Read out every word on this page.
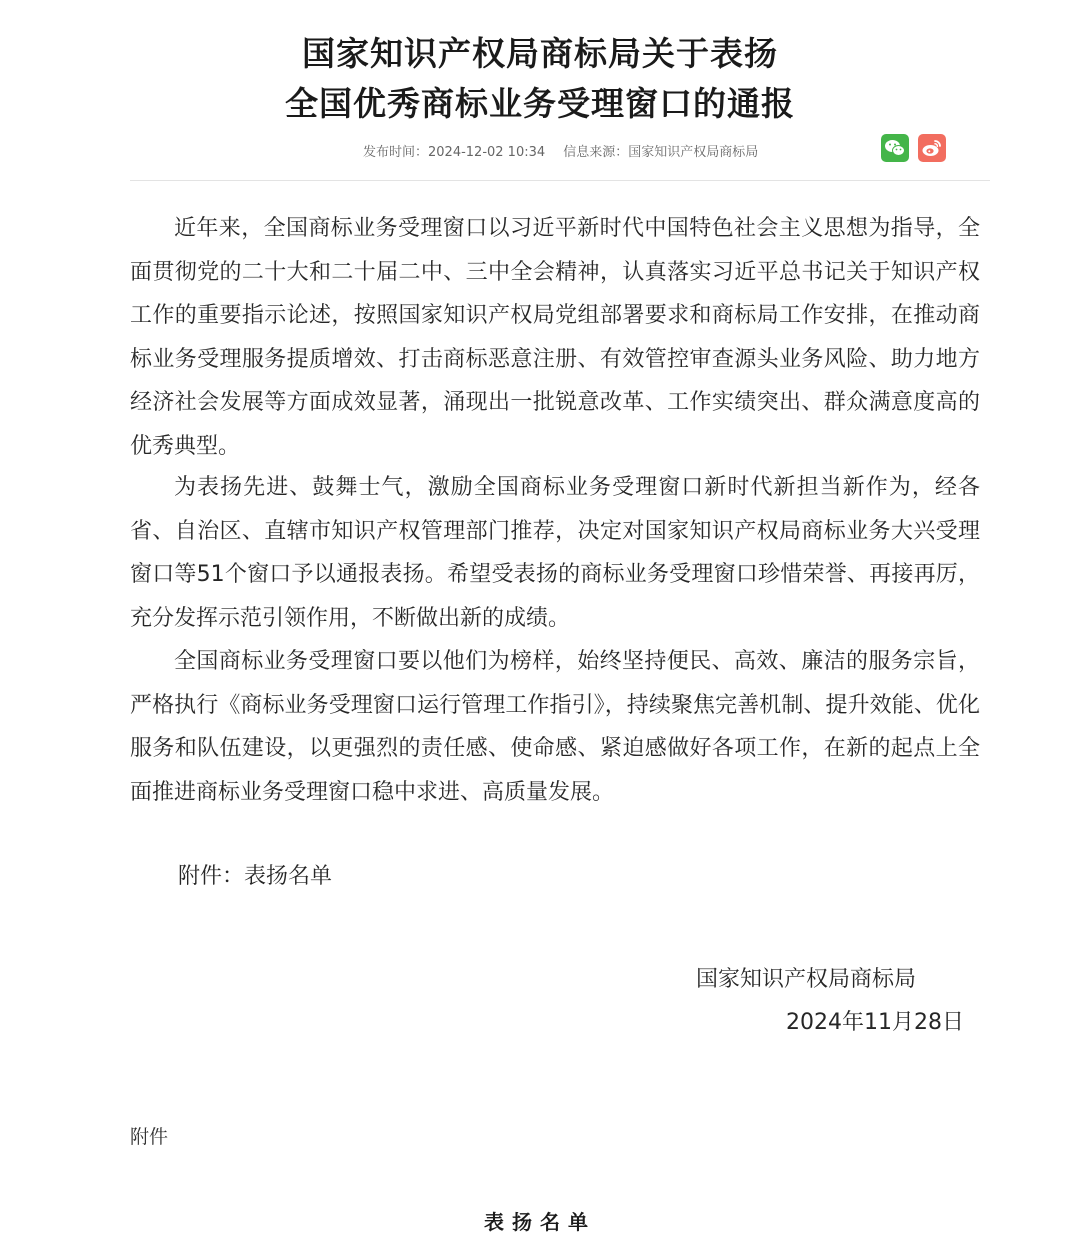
国家知识产权局商标局关于表扬
全国优秀商标业务受理窗口的通报
发布时间：2024-12-02 10:34 信息来源：国家知识产权局商标局

近年来，全国商标业务受理窗口以习近平新时代中国特色社会主义思想为指导，全面贯彻党的二十大和二十届二中、三中全会精神，认真落实习近平总书记关于知识产权工作的重要指示论述，按照国家知识产权局党组部署要求和商标局工作安排，在推动商标业务受理服务提质增效、打击商标恶意注册、有效管控审查源头业务风险、助力地方经济社会发展等方面成效显著，涌现出一批锐意改革、工作实绩突出、群众满意度高的优秀典型。

为表扬先进、鼓舞士气，激励全国商标业务受理窗口新时代新担当新作为，经各省、自治区、直辖市知识产权管理部门推荐，决定对国家知识产权局商标业务大兴受理窗口等51个窗口予以通报表扬。希望受表扬的商标业务受理窗口珍惜荣誉、再接再厉，充分发挥示范引领作用，不断做出新的成绩。

全国商标业务受理窗口要以他们为榜样，始终坚持便民、高效、廉洁的服务宗旨，严格执行《商标业务受理窗口运行管理工作指引》，持续聚焦完善机制、提升效能、优化服务和队伍建设，以更强烈的责任感、使命感、紧迫感做好各项工作，在新的起点上全面推进商标业务受理窗口稳中求进、高质量发展。

附件：表扬名单
国家知识产权局商标局
2024年11月28日
附件
表扬名单
